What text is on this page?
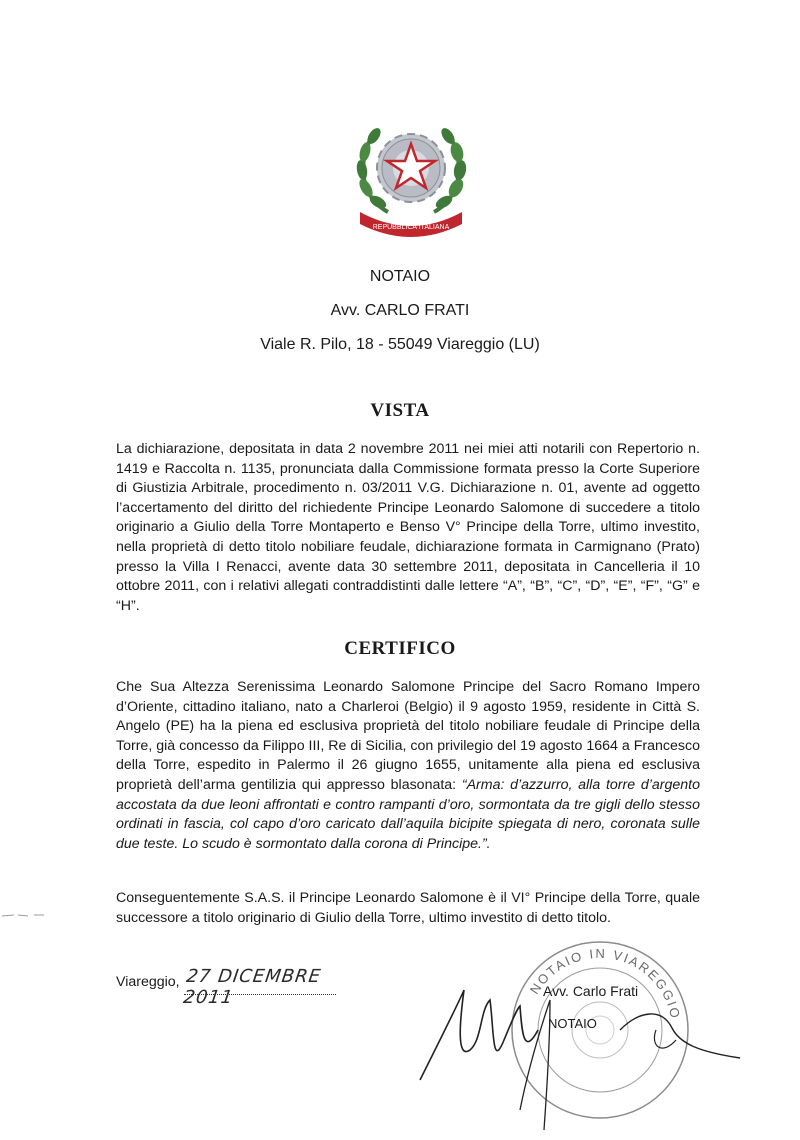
REPUBBLICA ITALIANA
NOTAIO
Avv. CARLO FRATI
Viale R. Pilo, 18 - 55049 Viareggio (LU)
VISTA

La dichiarazione, depositata in data 2 novembre 2011 nei miei atti notarili con Repertorio n. 1419 e Raccolta n. 1135, pronunciata dalla Commissione formata presso la Corte Superiore di Giustizia Arbitrale, procedimento n. 03/2011 V.G. Dichiarazione n. 01, avente ad oggetto l’accertamento del diritto del richiedente Principe Leonardo Salomone di succedere a titolo originario a Giulio della Torre Montaperto e Benso V° Principe della Torre, ultimo investito, nella proprietà di detto titolo nobiliare feudale, dichiarazione formata in Carmignano (Prato) presso la Villa I Renacci, avente data 30 settembre 2011, depositata in Cancelleria il 10 ottobre 2011, con i relativi allegati contraddistinti dalle lettere “A”, “B”, “C”, “D”, “E”, “F”, “G” e “H”.

CERTIFICO

Che Sua Altezza Serenissima Leonardo Salomone Principe del Sacro Romano Impero d’Oriente, cittadino italiano, nato a Charleroi (Belgio) il 9 agosto 1959, residente in Città S. Angelo (PE) ha la piena ed esclusiva proprietà del titolo nobiliare feudale di Principe della Torre, già concesso da Filippo III, Re di Sicilia, con privilegio del 19 agosto 1664 a Francesco della Torre, espedito in Palermo il 26 giugno 1655, unitamente alla piena ed esclusiva proprietà dell’arma gentilizia qui appresso blasonata: “Arma: d’azzurro, alla torre d’argento accostata da due leoni affrontati e contro rampanti d’oro, sormontata da tre gigli dello stesso ordinati in fascia, col capo d’oro caricato dall’aquila bicipite spiegata di nero, coronata sulle due teste. Lo scudo è sormontato dalla corona di Principe.”.

Conseguentemente S.A.S. il Principe Leonardo Salomone è il VI° Principe della Torre, quale successore a titolo originario di Giulio della Torre, ultimo investito di detto titolo.

Viareggio, 27 DICEMBRE 2011	NOTAIO IN VIAREGGIO
Avv. Carlo Frati
NOTAIO
